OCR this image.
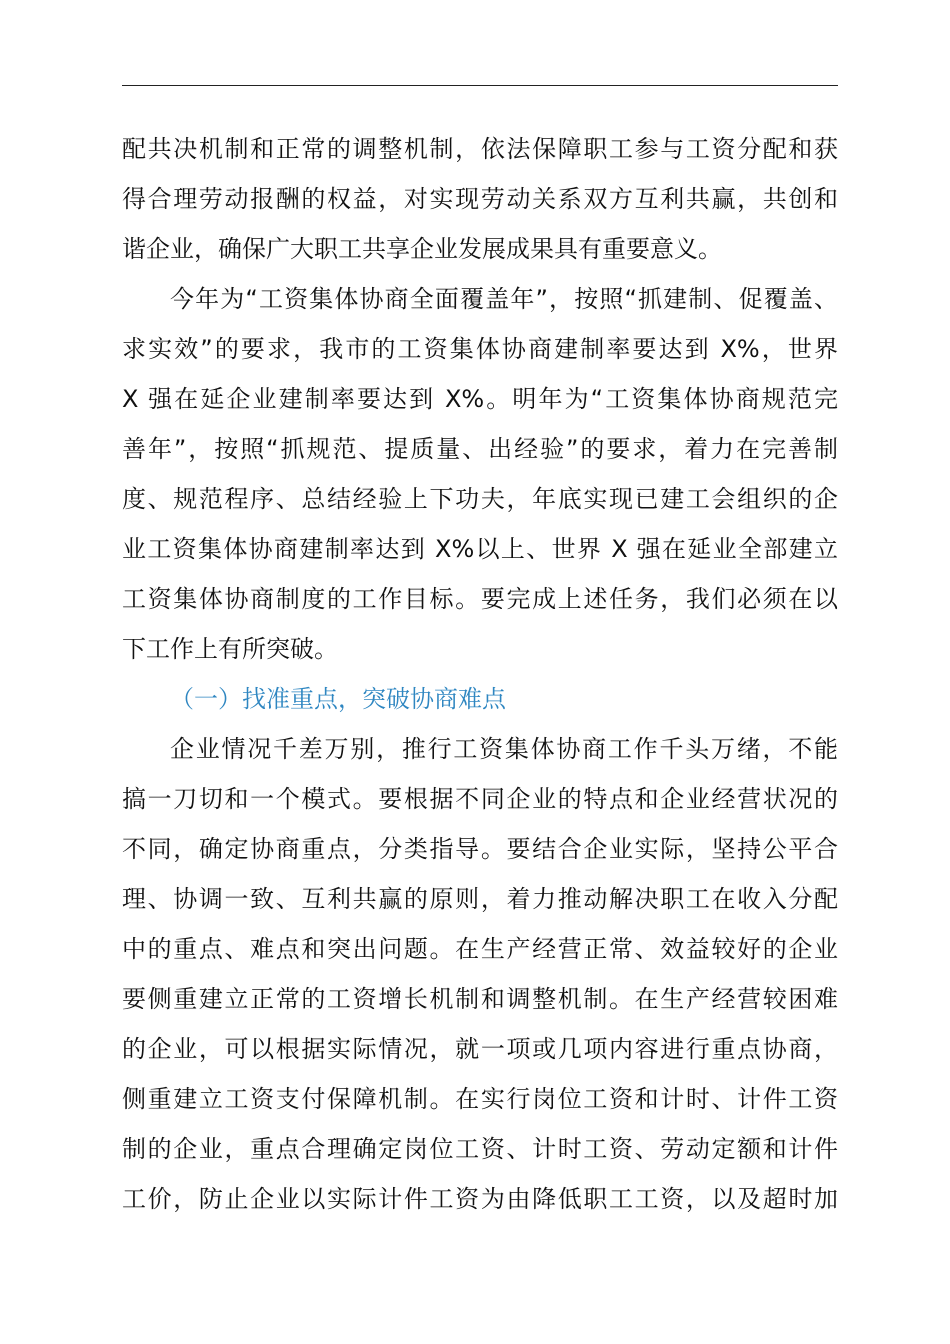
配共决机制和正常的调整机制，依法保障职工参与工资分配和获
得合理劳动报酬的权益，对实现劳动关系双方互利共赢，共创和
谐企业，确保广大职工共享企业发展成果具有重要意义。
今年为“工资集体协商全面覆盖年”，按照“抓建制、促覆盖、
求实效”的要求，我市的工资集体协商建制率要达到 X%，世界
X 强在延企业建制率要达到 X%。明年为“工资集体协商规范完
善年”，按照“抓规范、提质量、出经验”的要求，着力在完善制
度、规范程序、总结经验上下功夫，年底实现已建工会组织的企
业工资集体协商建制率达到 X%以上、世界 X 强在延业全部建立
工资集体协商制度的工作目标。要完成上述任务，我们必须在以
下工作上有所突破。
（一）找准重点，突破协商难点
企业情况千差万别，推行工资集体协商工作千头万绪，不能
搞一刀切和一个模式。要根据不同企业的特点和企业经营状况的
不同，确定协商重点，分类指导。要结合企业实际，坚持公平合
理、协调一致、互利共赢的原则，着力推动解决职工在收入分配
中的重点、难点和突出问题。在生产经营正常、效益较好的企业
要侧重建立正常的工资增长机制和调整机制。在生产经营较困难
的企业，可以根据实际情况，就一项或几项内容进行重点协商，
侧重建立工资支付保障机制。在实行岗位工资和计时、计件工资
制的企业，重点合理确定岗位工资、计时工资、劳动定额和计件
工价，防止企业以实际计件工资为由降低职工工资，以及超时加
